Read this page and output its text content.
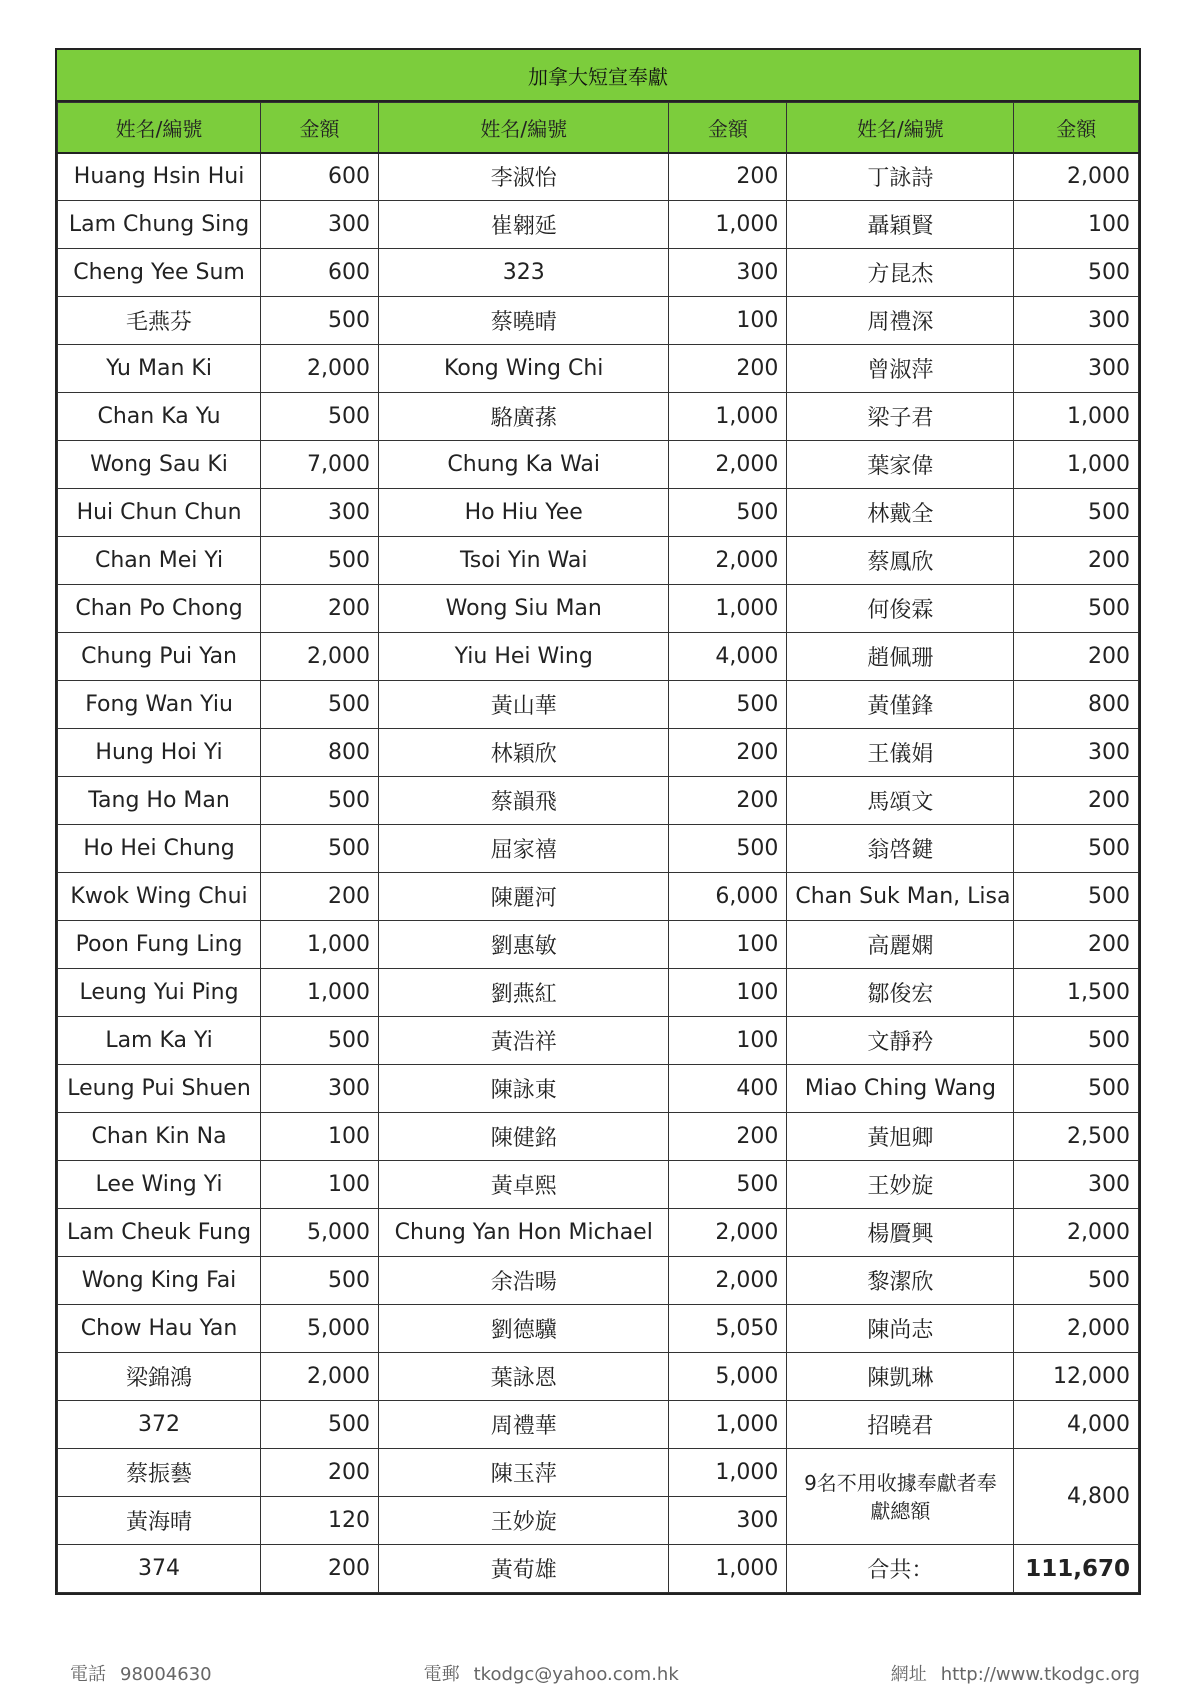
加拿大短宣奉獻
姓名/編號	金額	姓名/編號	金額	姓名/編號	金額
Huang Hsin Hui	600	李淑怡	200	丁詠詩	2,000
Lam Chung Sing	300	崔翱延	1,000	聶穎賢	100
Cheng Yee Sum	600	323	300	方昆杰	500
毛燕芬	500	蔡曉晴	100	周禮深	300
Yu Man Ki	2,000	Kong Wing Chi	200	曾淑萍	300
Chan Ka Yu	500	駱廣蓀	1,000	梁子君	1,000
Wong Sau Ki	7,000	Chung Ka Wai	2,000	葉家偉	1,000
Hui Chun Chun	300	Ho Hiu Yee	500	林戴全	500
Chan Mei Yi	500	Tsoi Yin Wai	2,000	蔡鳳欣	200
Chan Po Chong	200	Wong Siu Man	1,000	何俊霖	500
Chung Pui Yan	2,000	Yiu Hei Wing	4,000	趙佩珊	200
Fong Wan Yiu	500	黃山華	500	黃僅鋒	800
Hung Hoi Yi	800	林穎欣	200	王儀娟	300
Tang Ho Man	500	蔡韻飛	200	馬頌文	200
Ho Hei Chung	500	屈家禧	500	翁啓鍵	500
Kwok Wing Chui	200	陳麗河	6,000	Chan Suk Man, Lisa	500
Poon Fung Ling	1,000	劉惠敏	100	高麗嫻	200
Leung Yui Ping	1,000	劉燕紅	100	鄒俊宏	1,500
Lam Ka Yi	500	黃浩祥	100	文靜矜	500
Leung Pui Shuen	300	陳詠東	400	Miao Ching Wang	500
Chan Kin Na	100	陳健銘	200	黃旭卿	2,500
Lee Wing Yi	100	黃卓熙	500	王妙旋	300
Lam Cheuk Fung	5,000	Chung Yan Hon Michael	2,000	楊贗興	2,000
Wong King Fai	500	余浩暘	2,000	黎潔欣	500
Chow Hau Yan	5,000	劉德驥	5,050	陳尚志	2,000
梁錦鴻	2,000	葉詠恩	5,000	陳凱琳	12,000
372	500	周禮華	1,000	招曉君	4,000
蔡振藝	200	陳玉萍	1,000	9名不用收據奉獻者奉獻總額	4,800
黃海晴	120	王妙旋	300		
374	200	黃荀雄	1,000	合共：	111,670
電話 98004630	電郵 tkodgc@yahoo.com.hk	網址 http://www.tkodgc.org
